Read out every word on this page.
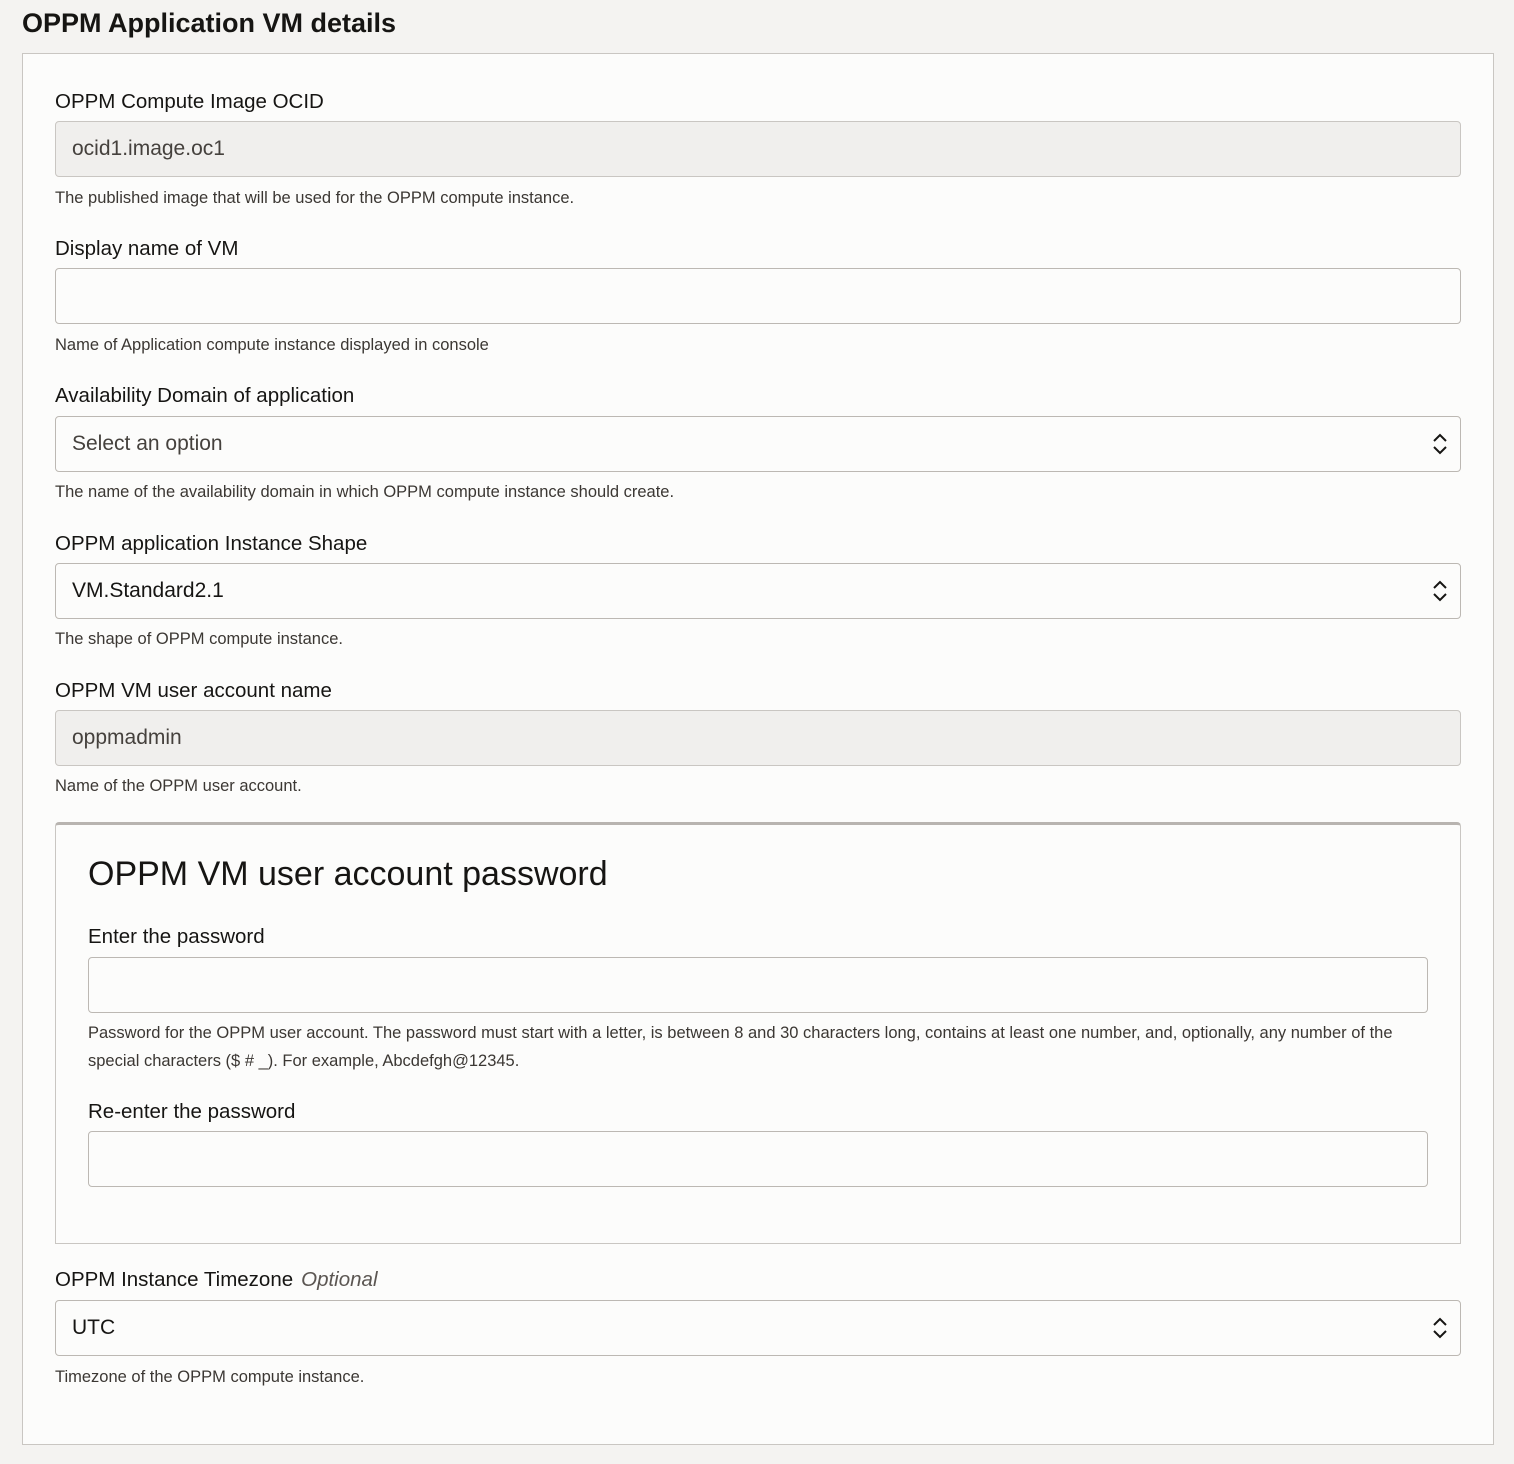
OPPM Application VM details
OPPM Compute Image OCID
ocid1.image.oc1
The published image that will be used for the OPPM compute instance.
Display name of VM
Name of Application compute instance displayed in console
Availability Domain of application
Select an option
The name of the availability domain in which OPPM compute instance should create.
OPPM application Instance Shape
VM.Standard2.1
The shape of OPPM compute instance.
OPPM VM user account name
oppmadmin
Name of the OPPM user account.
OPPM VM user account password
Enter the password
Password for the OPPM user account. The password must start with a letter, is between 8 and 30 characters long, contains at least one number, and, optionally, any number of the special characters ($ # _). For example, Abcdefgh@12345.
Re-enter the password
OPPM Instance Timezone Optional
UTC
Timezone of the OPPM compute instance.
